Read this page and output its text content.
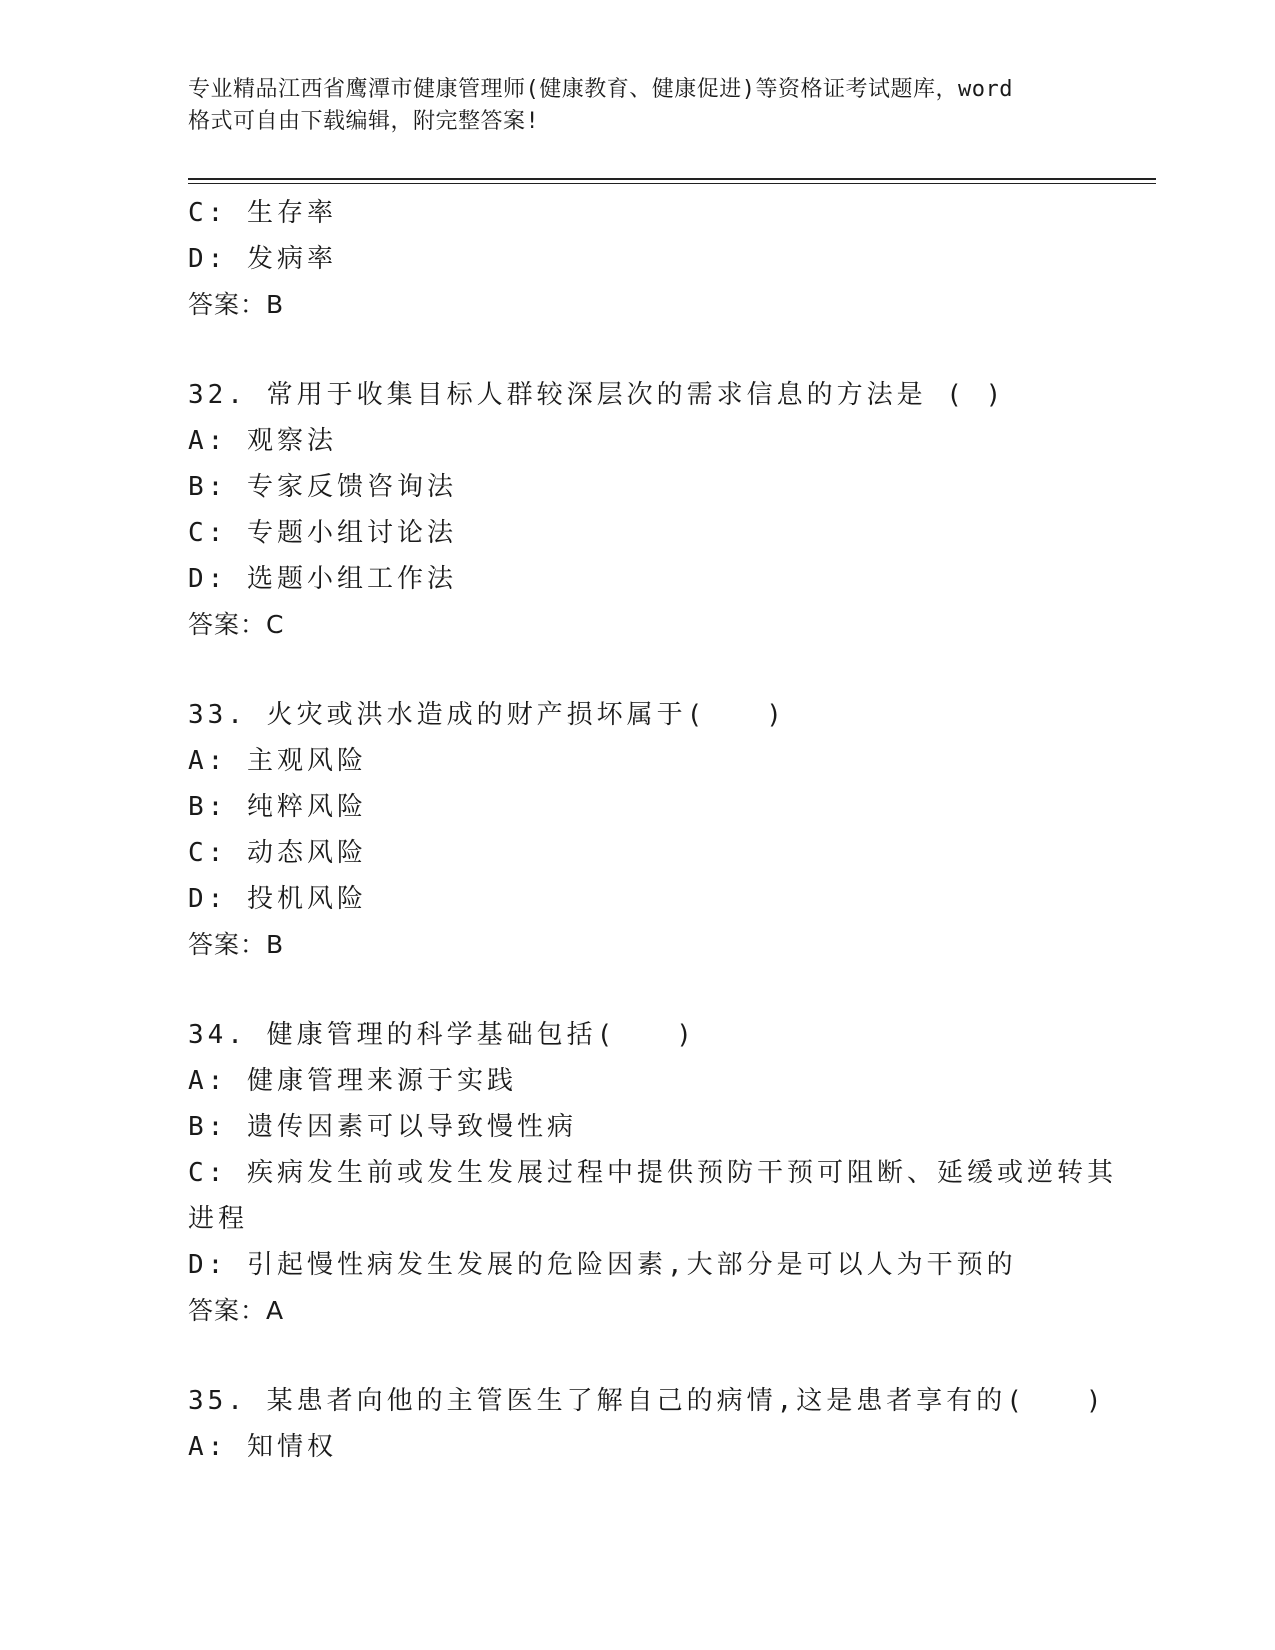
专业精品江西省鹰潭市健康管理师(健康教育、健康促进)等资格证考试题库，word
格式可自由下载编辑，附完整答案!
C: 生存率
D: 发病率
答案：B
32. 常用于收集目标人群较深层次的需求信息的方法是 ( )
A: 观察法
B: 专家反馈咨询法
C: 专题小组讨论法
D: 选题小组工作法
答案：C
33. 火灾或洪水造成的财产损坏属于(　　)
A: 主观风险
B: 纯粹风险
C: 动态风险
D: 投机风险
答案：B
34. 健康管理的科学基础包括(　　)
A: 健康管理来源于实践
B: 遗传因素可以导致慢性病
C: 疾病发生前或发生发展过程中提供预防干预可阻断、延缓或逆转其
进程
D: 引起慢性病发生发展的危险因素,大部分是可以人为干预的
答案：A
35. 某患者向他的主管医生了解自己的病情,这是患者享有的(　　)
A: 知情权
